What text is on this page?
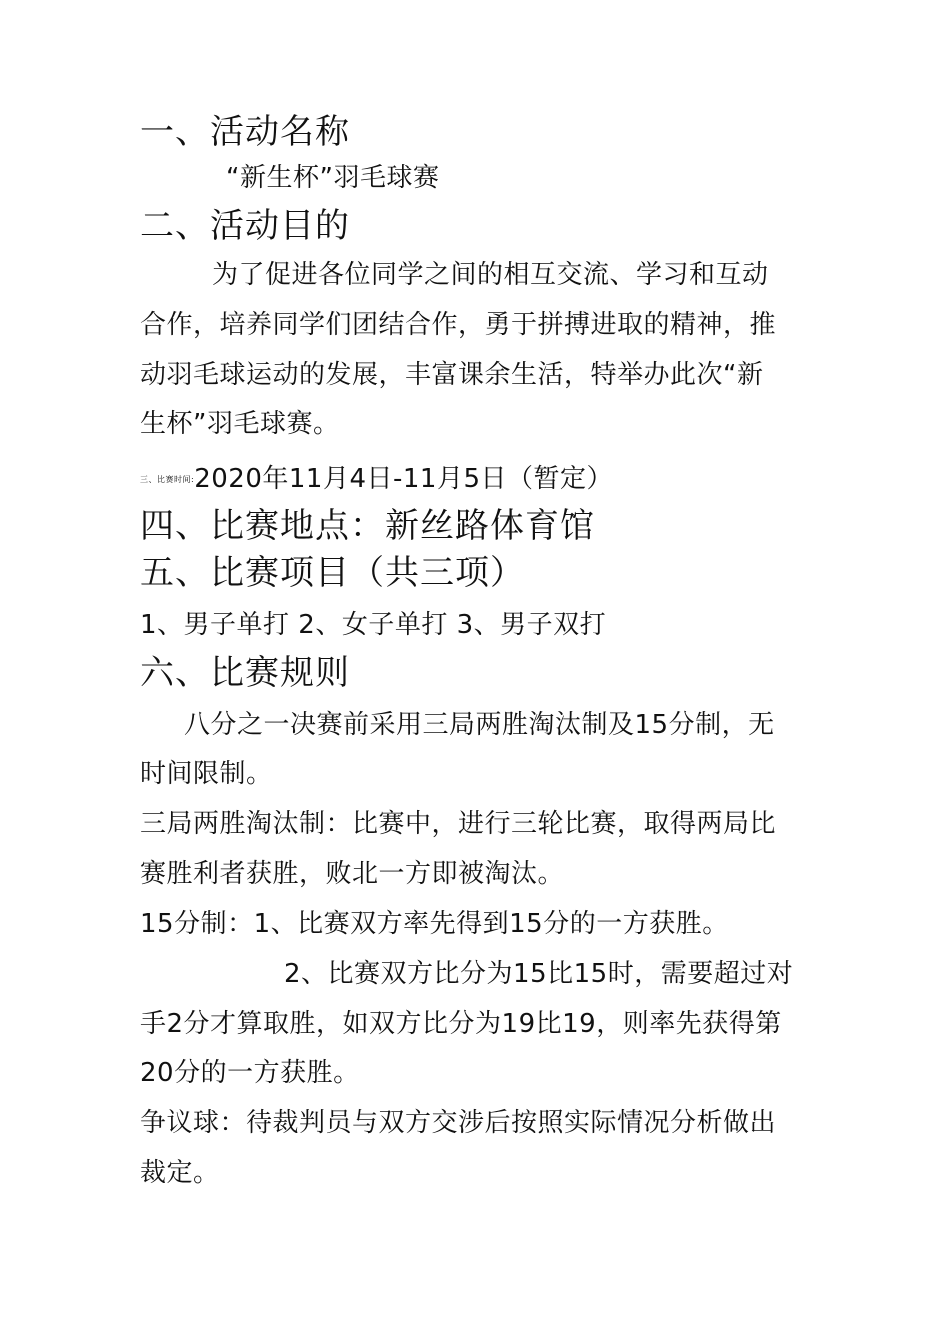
一、活动名称
“新生杯”羽毛球赛
二、活动目的
为了促进各位同学之间的相互交流、学习和互动
合作，培养同学们团结合作，勇于拼搏进取的精神，推
动羽毛球运动的发展，丰富课余生活，特举办此次“新
生杯”羽毛球赛。
三、比赛时间:2020年11月4日-11月5日（暂定）
四、比赛地点：新丝路体育馆
五、比赛项目（共三项）
1、男子单打 2、女子单打 3、男子双打
六、比赛规则
八分之一决赛前采用三局两胜淘汰制及15分制，无
时间限制。
三局两胜淘汰制：比赛中，进行三轮比赛，取得两局比
赛胜利者获胜，败北一方即被淘汰。
15分制：1、比赛双方率先得到15分的一方获胜。
2、比赛双方比分为15比15时，需要超过对
手2分才算取胜，如双方比分为19比19，则率先获得第
20分的一方获胜。
争议球：待裁判员与双方交涉后按照实际情况分析做出
裁定。
